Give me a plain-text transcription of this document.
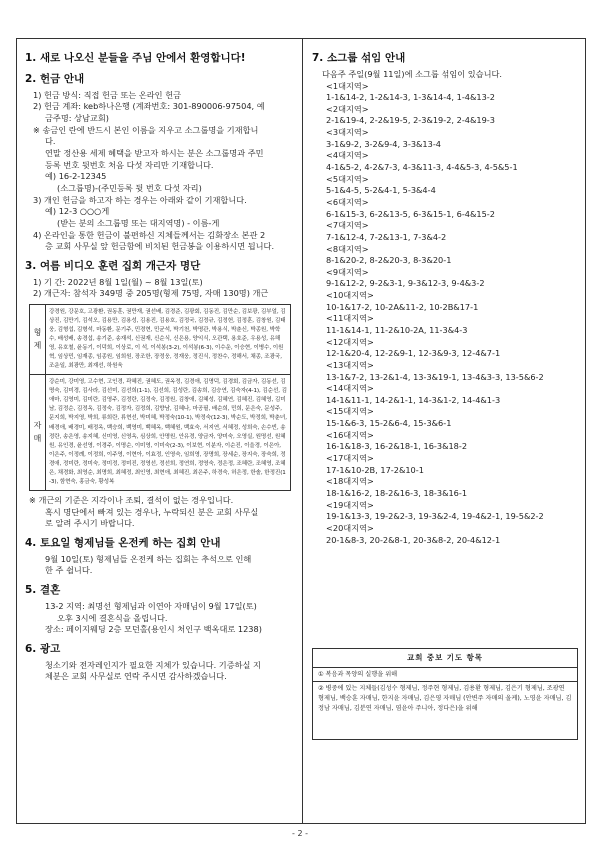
1. 새로 나오신 분들을 주님 안에서 환영합니다!
2. 헌금 안내
1) 헌금 방식: 직접 헌금 또는 온라인 헌금
2) 헌금 계좌: keb하나은행 (계좌번호: 301-890006-97504, 예
금주명: 상남교회)
※ 송금인 란에 반드시 본인 이름을 지우고 소그룹명을 기재합니
다.
연말 정산용 세제 혜택을 받고자 하시는 분은 소그룹명과 주민
등록 번호 뒷번호 처음 다섯 자리만 기재합니다.
예) 16-2-12345
(소그룹명)-(주민등록 뒷 번호 다섯 자리)
3) 개인 헌금을 하고자 하는 경우는 아래와 같이 기재합니다.
예) 12-3 ○○○게
(받는 분의 소그룹명 또는 대지역명) - 이름-게
4) 온라인을 통한 헌금이 불편하신 지체들께서는 김화장소 본관 2
층 교회 사무실 앞 헌금함에 비치된 헌금봉을 이용하시면 됩니다.
3. 여름 비디오 훈련 집회 개근자 명단
1) 기 간: 2022년 8월 1일(월) ~ 8월 13일(토)
2) 개근자: 참석자 349명 중 205명(형제 75명, 자매 130명) 개근
형
제	강경원, 강문호, 고광환, 권동훈, 권만재, 권선배, 김경준, 김광회, 김동진, 김만순, 김보광, 김부얼, 김상진, 김만기, 김석오, 김용만, 김용성, 김용진, 김용호, 김정국, 김정규, 김정헌, 김정훈, 김창원, 김태웅, 김형섭, 김형석, 마동환, 문기주, 민경현, 민균석, 박기천, 박명관, 박용식, 박춘신, 박종원, 박학수, 배성배, 송경섭, 송기준, 송재석, 신권재, 신순식, 신은용, 양익식, 오관택, 용호준, 우용성, 유해영, 유호철, 윤동기, 이덕희, 이상로, 이 석, 이석봉(3-2), 이석봉(6-3), 이수운, 이승현, 이병수, 이원혁, 임상민, 임재종, 임종원, 임희원, 장조한, 장정웅, 정재웅, 정진식, 정찬수, 정해서, 채종, 조광국, 조운일, 최광만, 최재선, 하원욱
자
매	강순미, 강미영, 고수현, 고인경, 곽혜진, 권혜도, 권옥정, 김경애, 김명덕, 김경회, 김금자, 김동선, 김명숙, 김미경, 김사라, 김선미, 김선희(1-1), 김선희, 김성란, 김송희, 김승연, 김숙자(4-1), 김순선, 김애마, 김영미, 김미란, 김영주, 김정란, 김정숙, 김정원, 김창애, 김혜성, 김혜연, 김혜진, 김혜영, 김미남, 김정순, 김정옥, 김정숙, 김정자, 김정희, 김향남, 김혜나, 마공필, 배순희, 민희, 문은숙, 문성주, 문지희, 박지영, 박희, 류희란, 류현선, 박미혜, 박정숙(10-1), 박정숙(12-3), 박순도, 박정희, 박춘녀, 배경애, 배경미, 배정옥, 백승희, 백영미, 백혜옥, 백혜원, 백효숙, 서지연, 서혜정, 성희숙, 손수빈, 송정란, 송은영, 송지혜, 신미영, 신영옥, 심상희, 안명원, 안유경, 양금자, 양미숙, 오영실, 원명선, 원혜원, 유인경, 윤선영, 이경주, 이명순, 이미영, 이미숙(2-3), 이보현, 이분자, 이순진, 이을경, 이은아, 이은주, 이정례, 이정희, 이주영, 이현아, 이효정, 인영숙, 임희영, 장명희, 장세순, 장지숙, 장숙희, 정경애, 정미란, 정미숙, 정미정, 정미진, 정영선, 정선희, 정연희, 정영숙, 정은정, 조혜란, 조혜영, 조혜은, 채경화, 최영순, 최명희, 최혜정, 최인영, 최현애, 최혜진, 최은주, 하경숙, 허은정, 한솔, 한정진(1-3), 함현숙, 홍금숙, 황성복
※ 개근의 기준은 지각이나 조퇴, 결석이 없는 경우입니다.
혹시 명단에서 빠져 있는 경우나, 누락되신 분은 교회 사무실
로 알려 주시기 바랍니다.
4. 토요일 형제님들 온전케 하는 집회 안내
9월 10일(토) 형제님들 온전케 하는 집회는 추석으로 인해
한 주 쉽니다.
5. 결혼
13-2 지역: 최명선 형제님과 이연아 자매님이 9월 17일(토)
오후 3시에 결혼식을 올립니다.
장소: 페이지웨딩 2층 모던홀(용인시 처인구 백옥대로 1238)
6. 광고
청소기와 전자레인지가 필요한 지체가 있습니다. 기증하실 지
체분은 교회 사무실로 연락 주시면 감사하겠습니다.
7. 소그룹 섞임 안내
다음주 주일(9월 11일)에 소그룹 섞임이 있습니다.
<1대지역>
1-1&14-2, 1-2&14-3, 1-3&14-4, 1-4&13-2
<2대지역>
2-1&19-4, 2-2&19-5, 2-3&19-2, 2-4&19-3
<3대지역>
3-1&9-2, 3-2&9-4, 3-3&13-4
<4대지역>
4-1&5-2, 4-2&7-3, 4-3&11-3, 4-4&5-3, 4-5&5-1
<5대지역>
5-1&4-5, 5-2&4-1, 5-3&4-4
<6대지역>
6-1&15-3, 6-2&13-5, 6-3&15-1, 6-4&15-2
<7대지역>
7-1&12-4, 7-2&13-1, 7-3&4-2
<8대지역>
8-1&20-2, 8-2&20-3, 8-3&20-1
<9대지역>
9-1&12-2, 9-2&3-1, 9-3&12-3, 9-4&3-2
<10대지역>
10-1&17-2, 10-2A&11-2, 10-2B&17-1
<11대지역>
11-1&14-1, 11-2&10-2A, 11-3&4-3
<12대지역>
12-1&20-4, 12-2&9-1, 12-3&9-3, 12-4&7-1
<13대지역>
13-1&7-2, 13-2&1-4, 13-3&19-1, 13-4&3-3, 13-5&6-2
<14대지역>
14-1&11-1, 14-2&1-1, 14-3&1-2, 14-4&1-3
<15대지역>
15-1&6-3, 15-2&6-4, 15-3&6-1
<16대지역>
16-1&18-3, 16-2&18-1, 16-3&18-2
<17대지역>
17-1&10-2B, 17-2&10-1
<18대지역>
18-1&16-2, 18-2&16-3, 18-3&16-1
<19대지역>
19-1&13-3, 19-2&2-3, 19-3&2-4, 19-4&2-1, 19-5&2-2
<20대지역>
20-1&8-3, 20-2&8-1, 20-3&8-2, 20-4&12-1
교회 중보 기도 항목
① 복음과 목양의 실행을 위해
② 병중에 있는 지체들(김성수 형제님, 정주현 형제님, 김용환 형제님, 김은기 형제님, 조광연 형제님, 백승훈 자매님, 한지윤 자매님, 김은영 자매님 (안변주 자매의 올케), 노영윤 자매님, 김정남 자매님, 김분연 자매님, 염윤아 주니아, 정다은)을 위해
- 2 -
